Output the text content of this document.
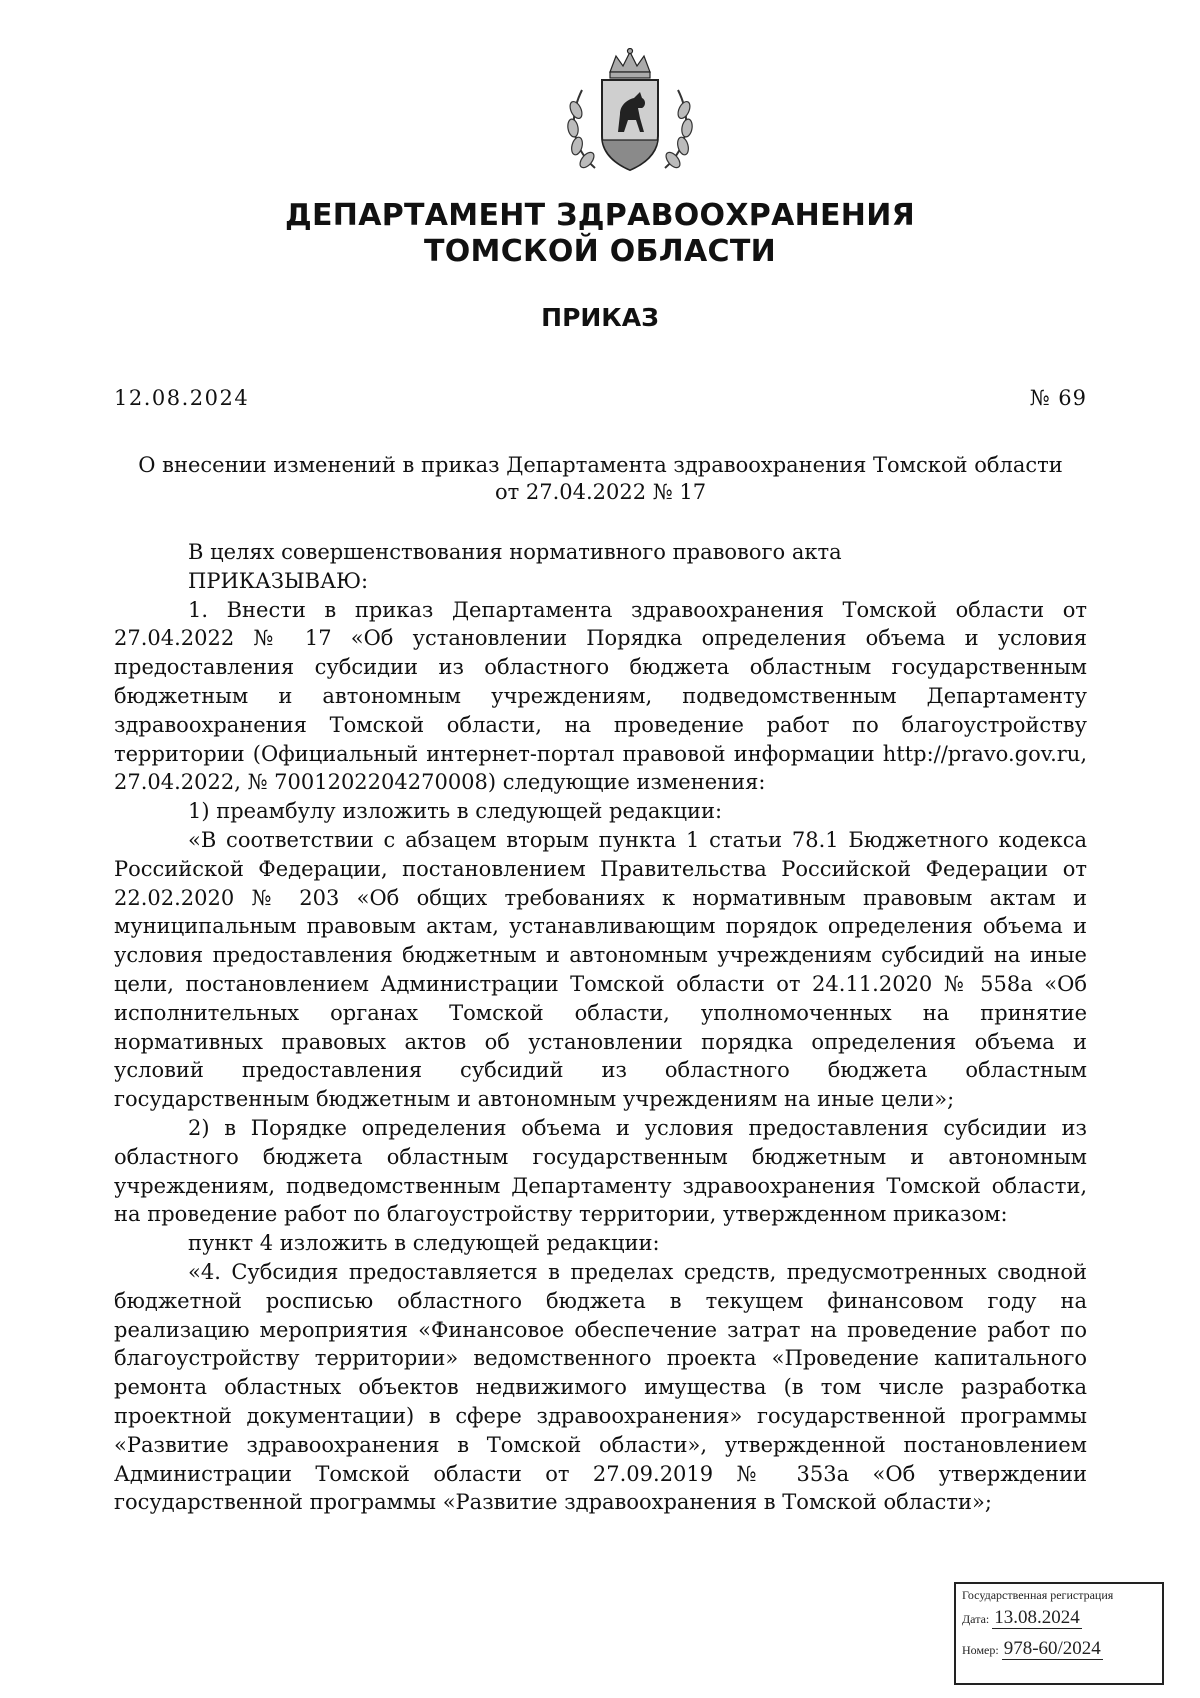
ДЕПАРТАМЕНТ ЗДРАВООХРАНЕНИЯ
ТОМСКОЙ ОБЛАСТИ
ПРИКАЗ
12.08.2024	№ 69
О внесении изменений в приказ Департамента здравоохранения Томской области
от 27.04.2022 № 17

В целях совершенствования нормативного правового акта

ПРИКАЗЫВАЮ:

1. Внести в приказ Департамента здравоохранения Томской области от 27.04.2022 № 17 «Об установлении Порядка определения объема и условия предоставления субсидии из областного бюджета областным государственным бюджетным и автономным учреждениям, подведомственным Департаменту здравоохранения Томской области, на проведение работ по благоустройству территории (Официальный интернет-портал правовой информации http://pravo.gov.ru, 27.04.2022, № 7001202204270008) следующие изменения:

1) преамбулу изложить в следующей редакции:

«В соответствии с абзацем вторым пункта 1 статьи 78.1 Бюджетного кодекса Российской Федерации, постановлением Правительства Российской Федерации от 22.02.2020 № 203 «Об общих требованиях к нормативным правовым актам и муниципальным правовым актам, устанавливающим порядок определения объема и условия предоставления бюджетным и автономным учреждениям субсидий на иные цели, постановлением Администрации Томской области от 24.11.2020 № 558а «Об исполнительных органах Томской области, уполномоченных на принятие нормативных правовых актов об установлении порядка определения объема и условий предоставления субсидий из областного бюджета областным государственным бюджетным и автономным учреждениям на иные цели»;

2) в Порядке определения объема и условия предоставления субсидии из областного бюджета областным государственным бюджетным и автономным учреждениям, подведомственным Департаменту здравоохранения Томской области, на проведение работ по благоустройству территории, утвержденном приказом:

пункт 4 изложить в следующей редакции:

«4. Субсидия предоставляется в пределах средств, предусмотренных сводной бюджетной росписью областного бюджета в текущем финансовом году на реализацию мероприятия «Финансовое обеспечение затрат на проведение работ по благоустройству территории» ведомственного проекта «Проведение капитального ремонта областных объектов недвижимого имущества (в том числе разработка проектной документации) в сфере здравоохранения» государственной программы «Развитие здравоохранения в Томской области», утвержденной постановлением Администрации Томской области от 27.09.2019 № 353а «Об утверждении государственной программы «Развитие здравоохранения в Томской области»;

Государственная регистрация
Дата: 13.08.2024
Номер: 978-60/2024
